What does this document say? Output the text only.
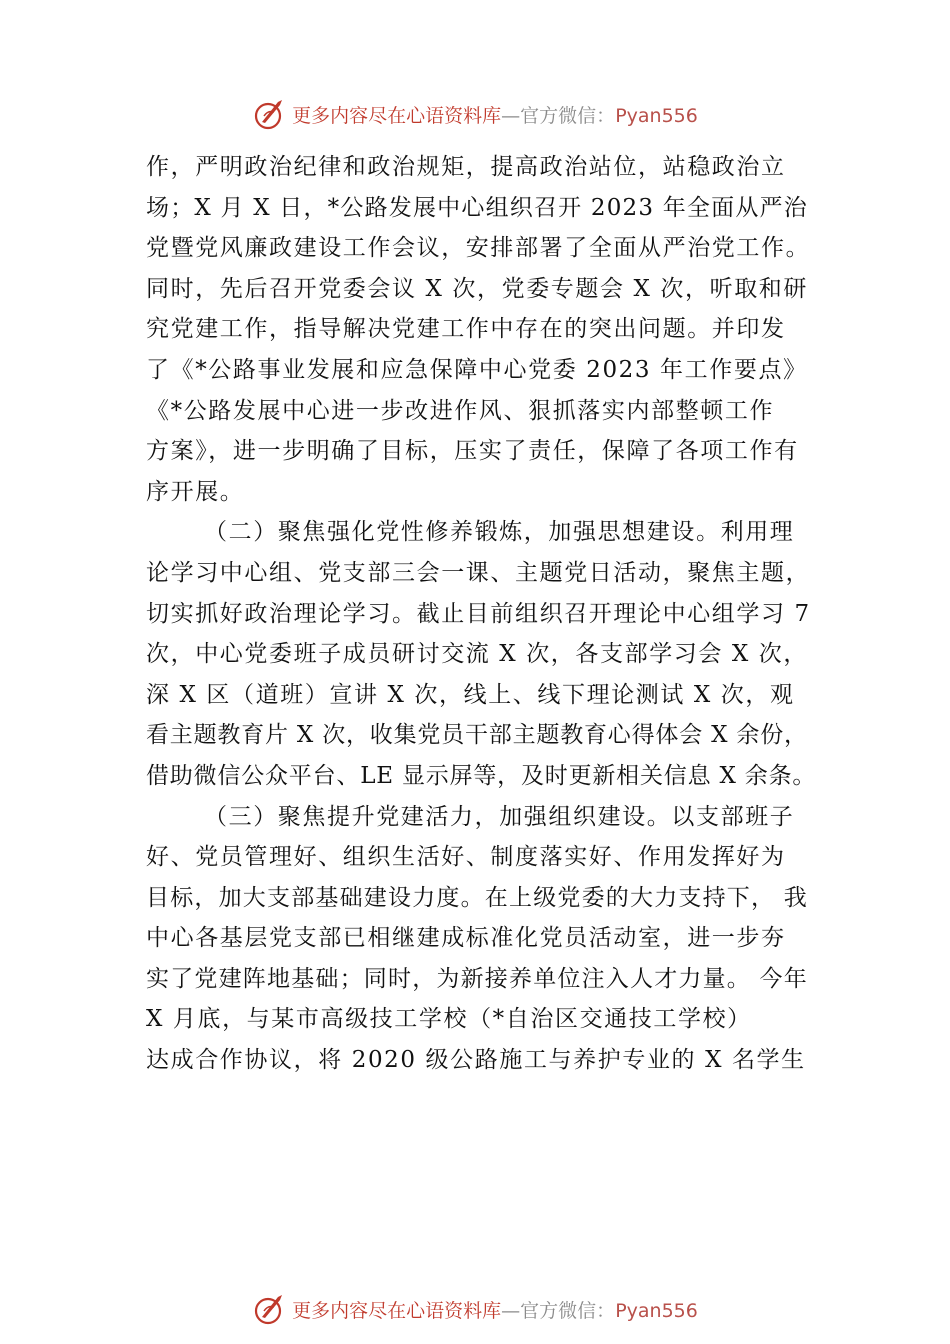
更多内容尽在心语资料库—官方微信：Pyan556
作，严明政治纪律和政治规矩，提高政治站位，站稳政治立
场；X 月 X 日，*公路发展中心组织召开 2023 年全面从严治
党暨党风廉政建设工作会议，安排部署了全面从严治党工作。
同时，先后召开党委会议 X 次，党委专题会 X 次，听取和研
究党建工作，指导解决党建工作中存在的突出问题。并印发
了《*公路事业发展和应急保障中心党委 2023 年工作要点》
《*公路发展中心进一步改进作风、狠抓落实内部整顿工作
方案》，进一步明确了目标，压实了责任，保障了各项工作有
序开展。
（二）聚焦强化党性修养锻炼，加强思想建设。利用理
论学习中心组、党支部三会一课、主题党日活动，聚焦主题，
切实抓好政治理论学习。截止目前组织召开理论中心组学习 7
次，中心党委班子成员研讨交流 X 次，各支部学习会 X 次，
深 X 区（道班）宣讲 X 次，线上、线下理论测试 X 次，观
看主题教育片 X 次，收集党员干部主题教育心得体会 X 余份，
借助微信公众平台、LE 显示屏等，及时更新相关信息 X 余条。
（三）聚焦提升党建活力，加强组织建设。以支部班子
好、党员管理好、组织生活好、制度落实好、作用发挥好为
目标，加大支部基础建设力度。在上级党委的大力支持下， 我
中心各基层党支部已相继建成标准化党员活动室，进一步夯
实了党建阵地基础；同时，为新接养单位注入人才力量。 今年
X 月底，与某市高级技工学校（*自治区交通技工学校）
达成合作协议，将 2020 级公路施工与养护专业的 X 名学生
更多内容尽在心语资料库—官方微信：Pyan556
